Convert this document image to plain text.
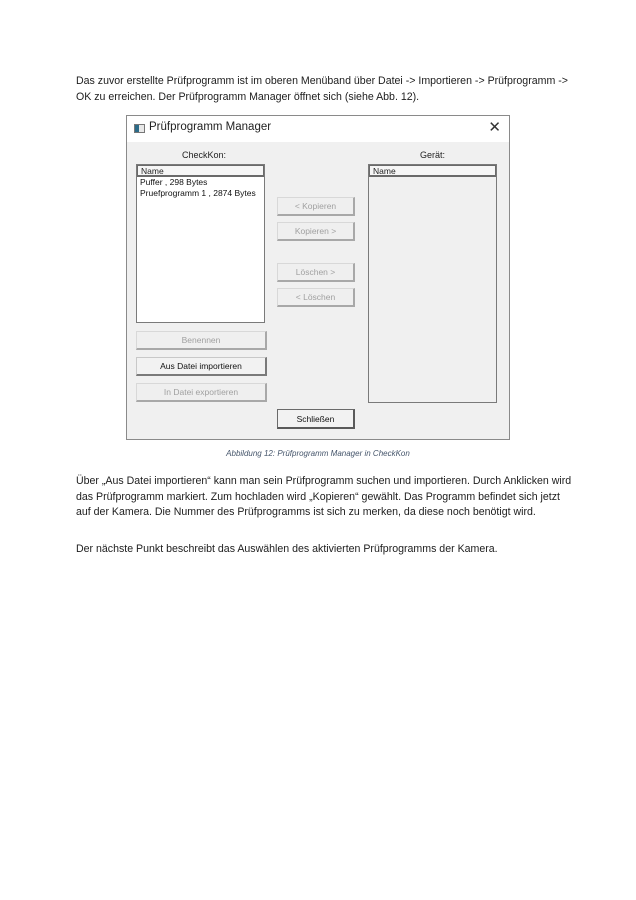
Das zuvor erstellte Prüfprogramm ist im oberen Menüband über Datei -> Importieren -> Prüfprogramm -> OK zu erreichen. Der Prüfprogramm Manager öffnet sich (siehe Abb. 12).

Prüfprogramm Manager	✕
CheckKon:
Name
Puffer , 298 Bytes
Pruefprogramm 1 , 2874 Bytes
Gerät:
Name
< Kopieren
Kopieren >
Löschen >
< Löschen
Benennen
Aus Datei importieren
In Datei exportieren
Schließen
Abbildung 12: Prüfprogramm Manager in CheckKon

Über „Aus Datei importieren“ kann man sein Prüfprogramm suchen und importieren. Durch Anklicken wird das Prüfprogramm markiert. Zum hochladen wird „Kopieren“ gewählt. Das Programm befindet sich jetzt auf der Kamera. Die Nummer des Prüfprogramms ist sich zu merken, da diese noch benötigt wird.

Der nächste Punkt beschreibt das Auswählen des aktivierten Prüfprogramms der Kamera.
